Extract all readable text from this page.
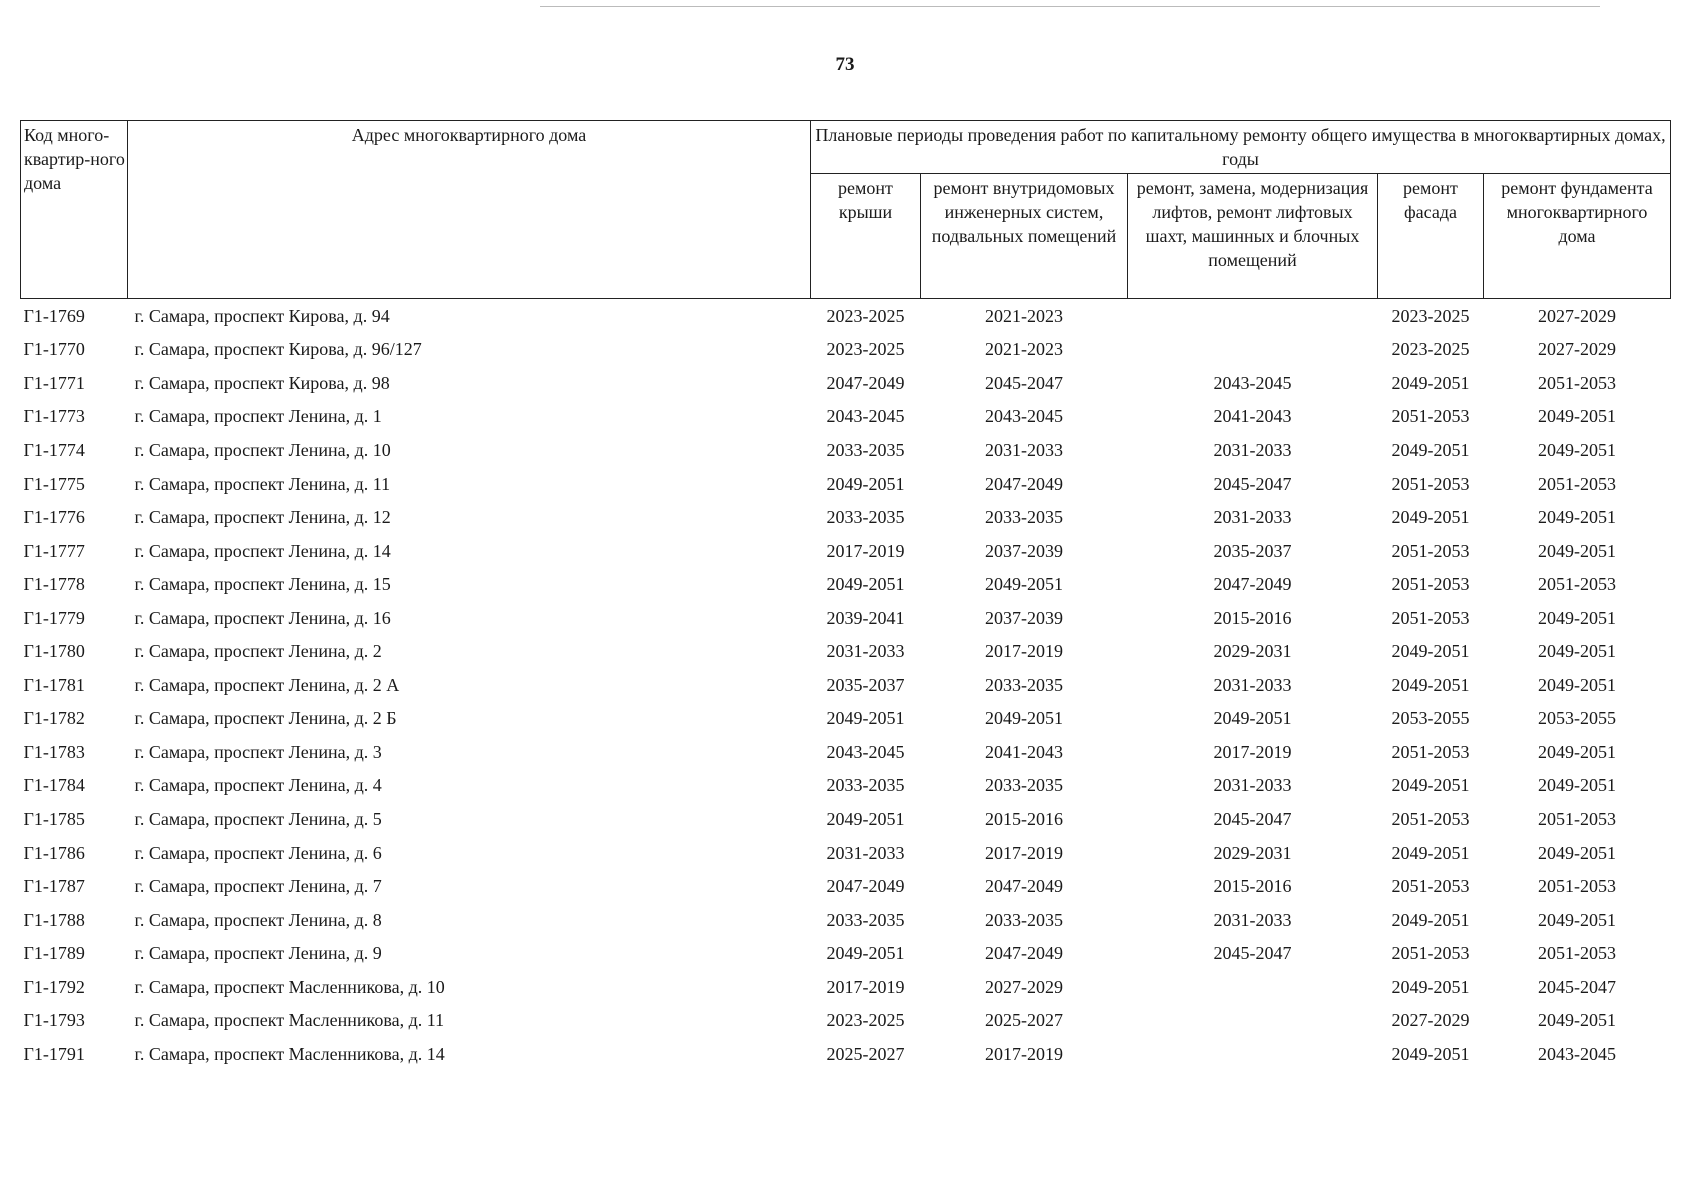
73
Код много-квартир-ного дома	Адрес многоквартирного дома	Плановые периоды проведения работ по капитальному ремонту общего имущества в многоквартирных домах, годы				
		ремонт крыши	ремонт внутридомовых инженерных систем, подвальных помещений	ремонт, замена, модернизация лифтов, ремонт лифтовых шахт, машинных и блочных помещений	ремонт фасада	ремонт фундамента многоквартирного дома
Г1-1769	г. Самара, проспект Кирова, д. 94	2023-2025	2021-2023		2023-2025	2027-2029
Г1-1770	г. Самара, проспект Кирова, д. 96/127	2023-2025	2021-2023		2023-2025	2027-2029
Г1-1771	г. Самара, проспект Кирова, д. 98	2047-2049	2045-2047	2043-2045	2049-2051	2051-2053
Г1-1773	г. Самара, проспект Ленина, д. 1	2043-2045	2043-2045	2041-2043	2051-2053	2049-2051
Г1-1774	г. Самара, проспект Ленина, д. 10	2033-2035	2031-2033	2031-2033	2049-2051	2049-2051
Г1-1775	г. Самара, проспект Ленина, д. 11	2049-2051	2047-2049	2045-2047	2051-2053	2051-2053
Г1-1776	г. Самара, проспект Ленина, д. 12	2033-2035	2033-2035	2031-2033	2049-2051	2049-2051
Г1-1777	г. Самара, проспект Ленина, д. 14	2017-2019	2037-2039	2035-2037	2051-2053	2049-2051
Г1-1778	г. Самара, проспект Ленина, д. 15	2049-2051	2049-2051	2047-2049	2051-2053	2051-2053
Г1-1779	г. Самара, проспект Ленина, д. 16	2039-2041	2037-2039	2015-2016	2051-2053	2049-2051
Г1-1780	г. Самара, проспект Ленина, д. 2	2031-2033	2017-2019	2029-2031	2049-2051	2049-2051
Г1-1781	г. Самара, проспект Ленина, д. 2 А	2035-2037	2033-2035	2031-2033	2049-2051	2049-2051
Г1-1782	г. Самара, проспект Ленина, д. 2 Б	2049-2051	2049-2051	2049-2051	2053-2055	2053-2055
Г1-1783	г. Самара, проспект Ленина, д. 3	2043-2045	2041-2043	2017-2019	2051-2053	2049-2051
Г1-1784	г. Самара, проспект Ленина, д. 4	2033-2035	2033-2035	2031-2033	2049-2051	2049-2051
Г1-1785	г. Самара, проспект Ленина, д. 5	2049-2051	2015-2016	2045-2047	2051-2053	2051-2053
Г1-1786	г. Самара, проспект Ленина, д. 6	2031-2033	2017-2019	2029-2031	2049-2051	2049-2051
Г1-1787	г. Самара, проспект Ленина, д. 7	2047-2049	2047-2049	2015-2016	2051-2053	2051-2053
Г1-1788	г. Самара, проспект Ленина, д. 8	2033-2035	2033-2035	2031-2033	2049-2051	2049-2051
Г1-1789	г. Самара, проспект Ленина, д. 9	2049-2051	2047-2049	2045-2047	2051-2053	2051-2053
Г1-1792	г. Самара, проспект Масленникова, д. 10	2017-2019	2027-2029		2049-2051	2045-2047
Г1-1793	г. Самара, проспект Масленникова, д. 11	2023-2025	2025-2027		2027-2029	2049-2051
Г1-1791	г. Самара, проспект Масленникова, д. 14	2025-2027	2017-2019		2049-2051	2043-2045
